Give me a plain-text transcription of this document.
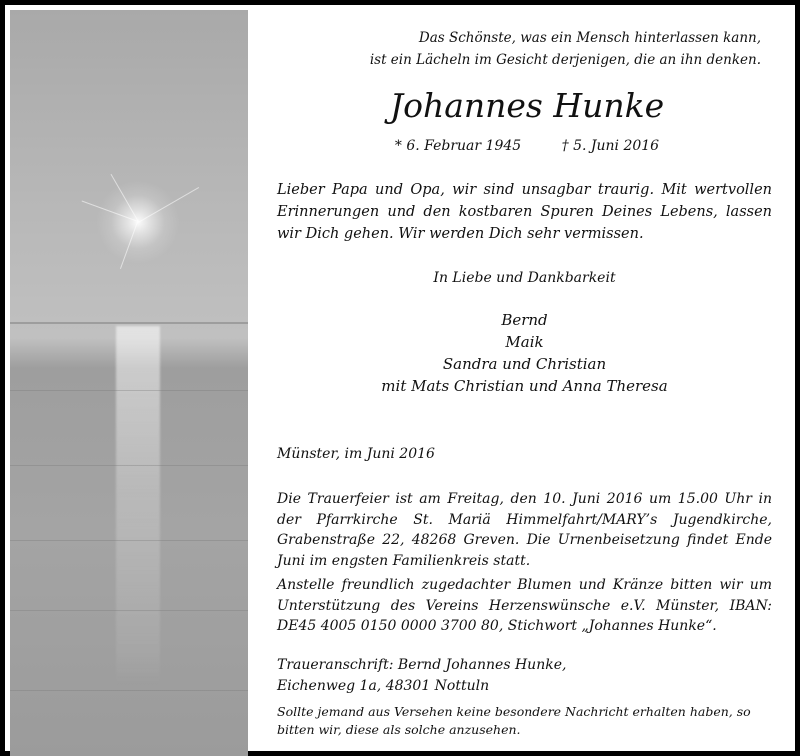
Das Schönste, was ein Mensch hinterlassen kann,
ist ein Lächeln im Gesicht derjenigen, die an ihn denken.
Johannes Hunke
* 6. Februar 1945	† 5. Juni 2016
Lieber Papa und Opa, wir sind unsagbar traurig. Mit wertvollen Erinnerungen und den kostbaren Spuren Deines Lebens, lassen wir Dich gehen. Wir werden Dich sehr vermissen.
In Liebe und Dankbarkeit
Bernd
Maik
Sandra und Christian
mit Mats Christian und Anna Theresa
Münster, im Juni 2016

Die Trauerfeier ist am Freitag, den 10. Juni 2016 um 15.00 Uhr in der Pfarrkirche St. Mariä Himmelfahrt/MARY’s Jugendkirche, Grabenstraße 22, 48268 Greven. Die Urnenbeisetzung findet Ende Juni im engsten Familienkreis statt.

Anstelle freundlich zugedachter Blumen und Kränze bitten wir um Unterstützung des Vereins Herzenswünsche e.V. Münster, IBAN: DE45 4005 0150 0000 3700 80, Stichwort „Johannes Hunke“.

Traueranschrift: Bernd Johannes Hunke,
Eichenweg 1a, 48301 Nottuln
Sollte jemand aus Versehen keine besondere Nachricht erhalten haben, so bitten wir, diese als solche anzusehen.
